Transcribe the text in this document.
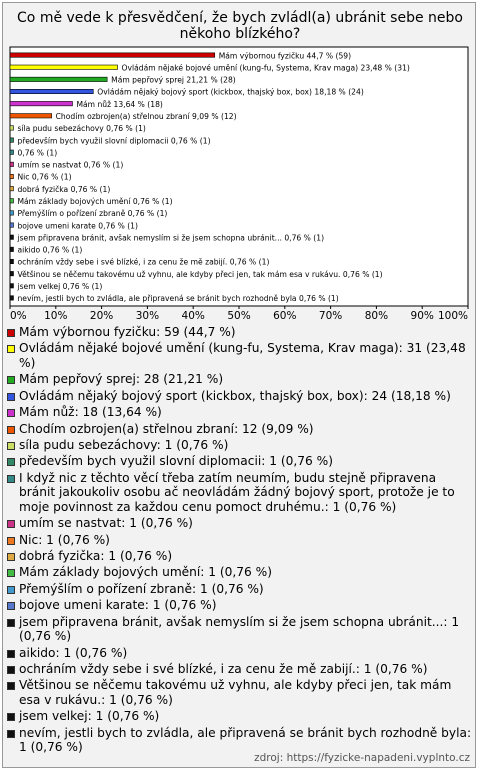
Co mě vede k přesvědčení, že bych zvládl(a) ubránit sebe nebo někoho blízkého?
Mám výbornou fyzičku 44,7 % (59)
Ovládám nějaké bojové umění (kung-fu, Systema, Krav maga) 23,48 % (31)
Mám pepřový sprej 21,21 % (28)
Ovládám nějaký bojový sport (kickbox, thajský box, box) 18,18 % (24)
Mám nůž 13,64 % (18)
Chodím ozbrojen(a) střelnou zbraní 9,09 % (12)
síla pudu sebezáchovy 0,76 % (1)
především bych využil slovní diplomacii 0,76 % (1)
0,76 % (1)
umím se nastvat 0,76 % (1)
Nic 0,76 % (1)
dobrá fyzička 0,76 % (1)
Mám základy bojových umění 0,76 % (1)
Přemýšlím o pořízení zbraně 0,76 % (1)
bojove umeni karate 0,76 % (1)
jsem připravena bránit, avšak nemyslím si že jsem schopna ubránit... 0,76 % (1)
aikido 0,76 % (1)
ochráním vždy sebe i své blízké, i za cenu že mě zabijí. 0,76 % (1)
Většinou se něčemu takovému už vyhnu, ale kdyby přeci jen, tak mám esa v rukávu. 0,76 % (1)
jsem velkej 0,76 % (1)
nevím, jestli bych to zvládla, ale připravená se bránit bych rozhodně byla 0,76 % (1)
0% 10% 20% 30% 40% 50% 60% 70% 80% 90% 100%
Mám výbornou fyzičku: 59 (44,7 %)
Ovládám nějaké bojové umění (kung-fu, Systema, Krav maga): 31 (23,48 %)
Mám pepřový sprej: 28 (21,21 %)
Ovládám nějaký bojový sport (kickbox, thajský box, box): 24 (18,18 %)
Mám nůž: 18 (13,64 %)
Chodím ozbrojen(a) střelnou zbraní: 12 (9,09 %)
síla pudu sebezáchovy: 1 (0,76 %)
především bych využil slovní diplomacii: 1 (0,76 %)
I když nic z těchto věcí třeba zatím neumím, budu stejně připravena bránit jakoukoliv osobu ač neovládám žádný bojový sport, protože je to moje povinnost za každou cenu pomoct druhému.: 1 (0,76 %)
umím se nastvat: 1 (0,76 %)
Nic: 1 (0,76 %)
dobrá fyzička: 1 (0,76 %)
Mám základy bojových umění: 1 (0,76 %)
Přemýšlím o pořízení zbraně: 1 (0,76 %)
bojove umeni karate: 1 (0,76 %)
jsem připravena bránit, avšak nemyslím si že jsem schopna ubránit...: 1 (0,76 %)
aikido: 1 (0,76 %)
ochráním vždy sebe i své blízké, i za cenu že mě zabijí.: 1 (0,76 %)
Většinou se něčemu takovému už vyhnu, ale kdyby přeci jen, tak mám esa v rukávu.: 1 (0,76 %)
jsem velkej: 1 (0,76 %)
nevím, jestli bych to zvládla, ale připravená se bránit bych rozhodně byla: 1 (0,76 %)
zdroj: https://fyzicke-napadeni.vyplnto.cz
